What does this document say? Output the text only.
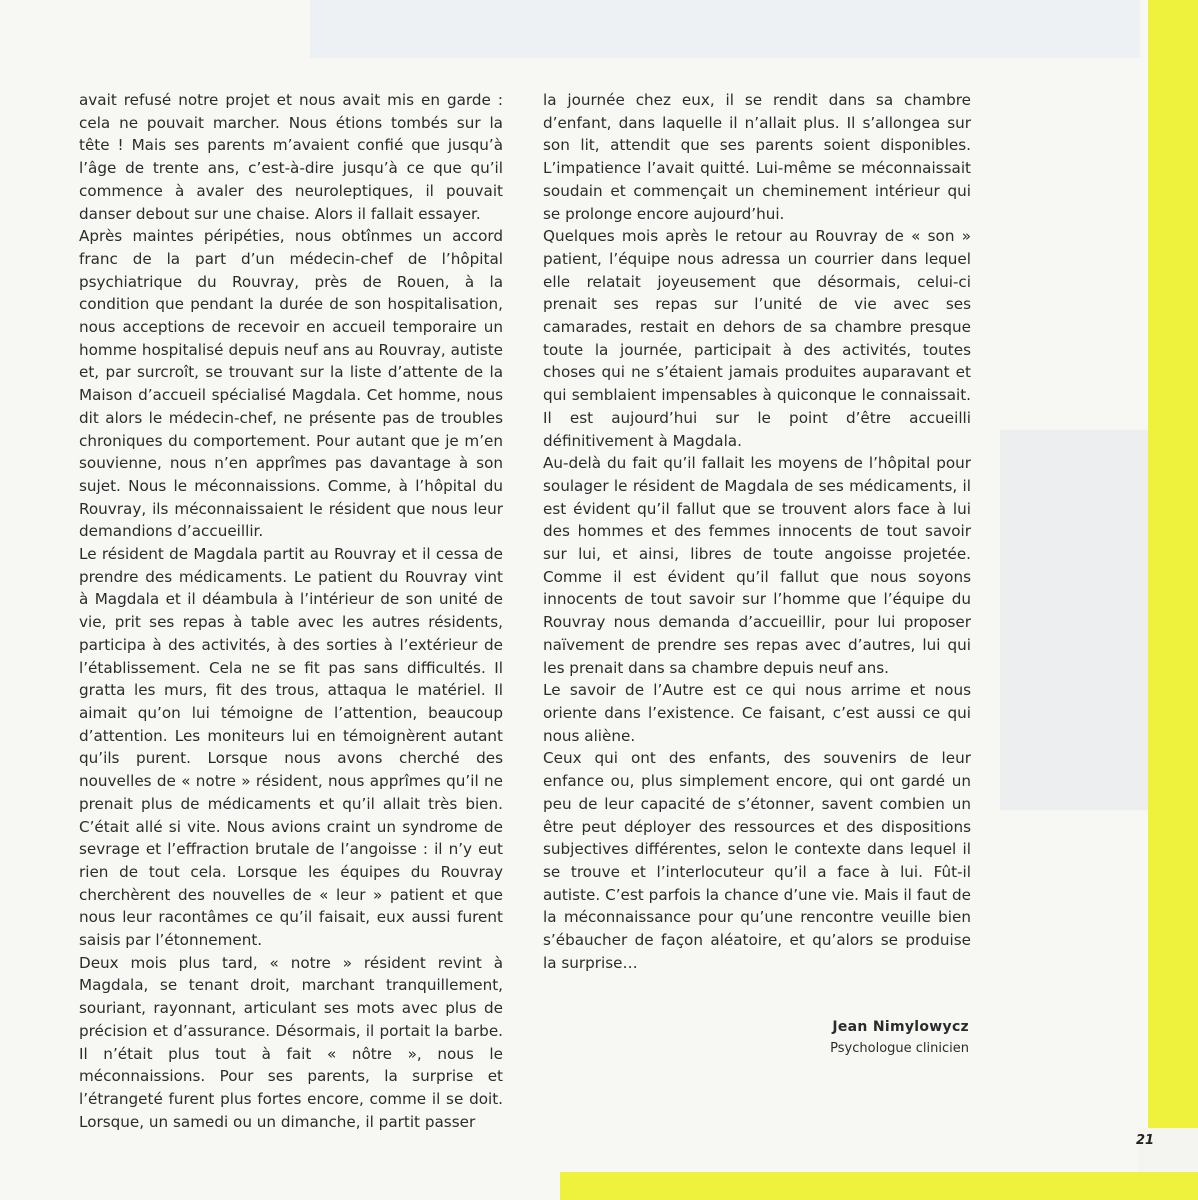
21

avait refusé notre projet et nous avait mis en garde : cela ne pouvait marcher. Nous étions tombés sur la tête ! Mais ses parents m’avaient confié que jusqu’à l’âge de trente ans, c’est-à-dire jusqu’à ce que qu’il commence à avaler des neuroleptiques, il pouvait danser debout sur une chaise. Alors il fallait essayer.

Après maintes péripéties, nous obtînmes un accord franc de la part d’un médecin-chef de l’hôpital psychiatrique du Rouvray, près de Rouen, à la condition que pendant la durée de son hospitalisation, nous acceptions de recevoir en accueil temporaire un homme hospitalisé depuis neuf ans au Rouvray, autiste et, par surcroît, se trouvant sur la liste d’attente de la Maison d’accueil spécialisé Magdala. Cet homme, nous dit alors le médecin-chef, ne présente pas de troubles chroniques du comportement. Pour autant que je m’en souvienne, nous n’en apprîmes pas davantage à son sujet. Nous le méconnaissions. Comme, à l’hôpital du Rouvray, ils méconnaissaient le résident que nous leur demandions d’accueillir.

Le résident de Magdala partit au Rouvray et il cessa de prendre des médicaments. Le patient du Rouvray vint à Magdala et il déambula à l’intérieur de son unité de vie, prit ses repas à table avec les autres résidents, participa à des activités, à des sorties à l’extérieur de l’établissement. Cela ne se fit pas sans difficultés. Il gratta les murs, fit des trous, attaqua le matériel. Il aimait qu’on lui témoigne de l’attention, beaucoup d’attention. Les moniteurs lui en témoignèrent autant qu’ils purent. Lorsque nous avons cherché des nouvelles de « notre » résident, nous apprîmes qu’il ne prenait plus de médicaments et qu’il allait très bien. C’était allé si vite. Nous avions craint un syndrome de sevrage et l’effraction brutale de l’angoisse : il n’y eut rien de tout cela. Lorsque les équipes du Rouvray cherchèrent des nouvelles de « leur » patient et que nous leur racontâmes ce qu’il faisait, eux aussi furent saisis par l’étonnement.

Deux mois plus tard, « notre » résident revint à Magdala, se tenant droit, marchant tranquillement, souriant, rayonnant, articulant ses mots avec plus de précision et d’assurance. Désormais, il portait la barbe. Il n’était plus tout à fait « nôtre », nous le méconnaissions. Pour ses parents, la surprise et l’étrangeté furent plus fortes encore, comme il se doit. Lorsque, un samedi ou un dimanche, il partit passer

la journée chez eux, il se rendit dans sa chambre d’enfant, dans laquelle il n’allait plus. Il s’allongea sur son lit, attendit que ses parents soient disponibles. L’impatience l’avait quitté. Lui-même se méconnaissait soudain et commençait un cheminement intérieur qui se prolonge encore aujourd’hui.

Quelques mois après le retour au Rouvray de « son » patient, l’équipe nous adressa un courrier dans lequel elle relatait joyeusement que désormais, celui-ci prenait ses repas sur l’unité de vie avec ses camarades, restait en dehors de sa chambre presque toute la journée, participait à des activités, toutes choses qui ne s’étaient jamais produites auparavant et qui semblaient impensables à quiconque le connaissait. Il est aujourd’hui sur le point d’être accueilli définitivement à Magdala.

Au-delà du fait qu’il fallait les moyens de l’hôpital pour soulager le résident de Magdala de ses médicaments, il est évident qu’il fallut que se trouvent alors face à lui des hommes et des femmes innocents de tout savoir sur lui, et ainsi, libres de toute angoisse projetée. Comme il est évident qu’il fallut que nous soyons innocents de tout savoir sur l’homme que l’équipe du Rouvray nous demanda d’accueillir, pour lui proposer naïvement de prendre ses repas avec d’autres, lui qui les prenait dans sa chambre depuis neuf ans.

Le savoir de l’Autre est ce qui nous arrime et nous oriente dans l’existence. Ce faisant, c’est aussi ce qui nous aliène.

Ceux qui ont des enfants, des souvenirs de leur enfance ou, plus simplement encore, qui ont gardé un peu de leur capacité de s’étonner, savent combien un être peut déployer des ressources et des dispositions subjectives différentes, selon le contexte dans lequel il se trouve et l’interlocuteur qu’il a face à lui. Fût-il autiste. C’est parfois la chance d’une vie. Mais il faut de la méconnaissance pour qu’une rencontre veuille bien s’ébaucher de façon aléatoire, et qu’alors se produise la surprise…

Jean Nimylowycz
Psychologue clinicien
